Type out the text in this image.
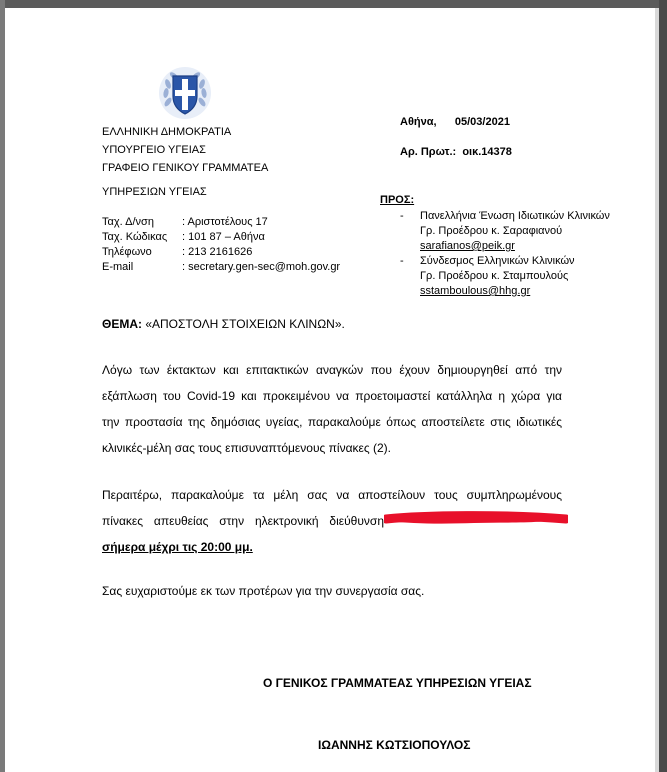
ΕΛΛΗΝΙΚΗ ΔΗΜΟΚΡΑΤΙΑ
ΥΠΟΥΡΓΕΙΟ ΥΓΕΙΑΣ
ΓΡΑΦΕΙΟ ΓΕΝΙΚΟΥ ΓΡΑΜΜΑΤΕΑ
ΥΠΗΡΕΣΙΩΝ ΥΓΕΙΑΣ
Ταχ. Δ/νση	: Αριστοτέλους 17
Ταχ. Κώδικας : 101 87 – Αθήνα
Τηλέφωνο	: 213 2161626
E-mail	: secretary.gen-sec@moh.gov.gr
Αθήνα,      05/03/2021
Αρ. Πρωτ.:  οικ.14378
ΠΡΟΣ:
- Πανελλήνια Ένωση Ιδιωτικών Κλινικών
Γρ. Προέδρου κ. Σαραφιανού
sarafianos@peik.gr
- Σύνδεσμος Ελληνικών Κλινικών
Γρ. Προέδρου κ. Σταμπουλούς
sstamboulous@hhg.gr
ΘΕΜΑ: «ΑΠΟΣΤΟΛΗ ΣΤΟΙΧΕΙΩΝ ΚΛΙΝΩΝ».
Λόγω των έκτακτων και επιτακτικών αναγκών που έχουν δημιουργηθεί από την
εξάπλωση του Covid-19 και προκειμένου να προετοιμαστεί κατάλληλα η χώρα για
την προστασία της δημόσιας υγείας, παρακαλούμε όπως αποστείλετε στις ιδιωτικές
κλινικές-μέλη σας τους επισυναπτόμενους πίνακες (2).
Περαιτέρω, παρακαλούμε τα μέλη σας να αποστείλουν τους συμπληρωμένους
πίνακες απευθείας στην ηλεκτρονική διεύθυνση
σήμερα μέχρι τις 20:00 μμ.
Σας ευχαριστούμε εκ των προτέρων για την συνεργασία σας.
Ο ΓΕΝΙΚΟΣ ΓΡΑΜΜΑΤΕΑΣ ΥΠΗΡΕΣΙΩΝ ΥΓΕΙΑΣ
ΙΩΑΝΝΗΣ ΚΩΤΣΙΟΠΟΥΛΟΣ
